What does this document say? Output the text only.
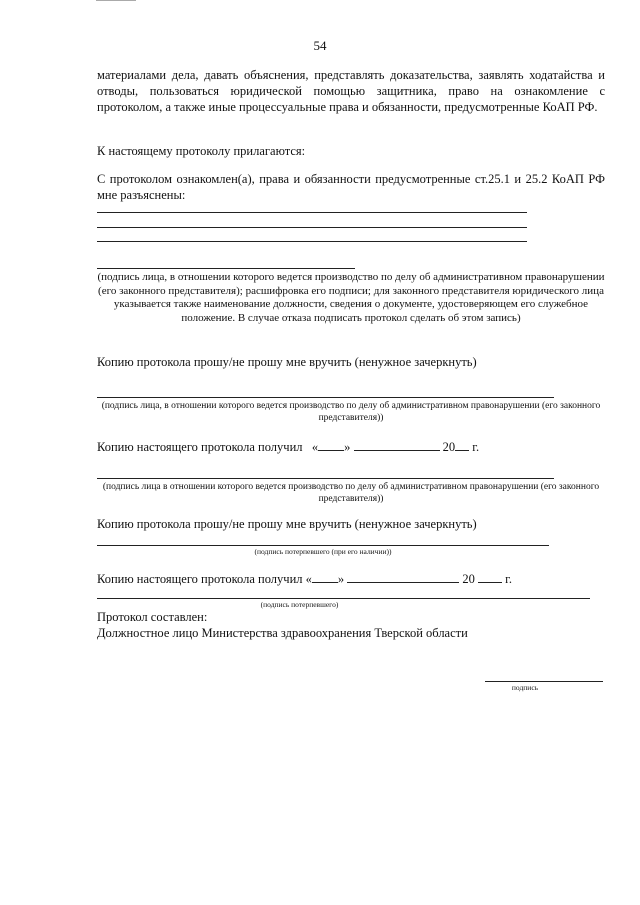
54
материалами дела, давать объяснения, представлять доказательства, заявлять ходатайства и отводы, пользоваться юридической помощью защитника, право на ознакомление с протоколом, а также иные процессуальные права и обязанности, предусмотренные КоАП РФ.
К настоящему протоколу прилагаются:
С протоколом ознакомлен(а), права и обязанности предусмотренные ст.25.1 и 25.2 КоАП РФ мне разъяснены:
(подпись лица, в отношении которого ведется производство по делу об административном правонарушении (его законного представителя); расшифровка его подписи; для законного представителя юридического лица указывается также наименование должности, сведения о документе, удостоверяющем его служебное положение. В случае отказа подписать протокол сделать об этом запись)
Копию протокола прошу/не прошу мне вручить (ненужное зачеркнуть)
(подпись лица, в отношении которого ведется производство по делу об административном правонарушении (его законного представителя))
Копию настоящего протокола получил « »	20 г.
(подпись лица в отношении которого ведется производство по делу об административном правонарушении (его законного представителя))
Копию протокола прошу/не прошу мне вручить (ненужное зачеркнуть)
(подпись потерпевшего (при его наличии))
Копию настоящего протокола получил « »	20 г.
(подпись потерпевшего)
Протокол составлен:
Должностное лицо Министерства здравоохранения Тверской области
подпись
